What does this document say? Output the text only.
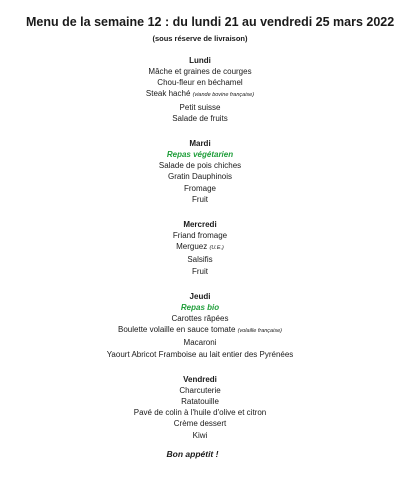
Menu de la semaine 12 : du lundi 21 au vendredi 25 mars 2022
(sous réserve de livraison)
Lundi
Mâche et graines de courges
Chou-fleur en béchamel
Steak haché (viande bovine française)
Petit suisse
Salade de fruits
Mardi
Repas végétarien
Salade de pois chiches
Gratin Dauphinois
Fromage
Fruit
Mercredi
Friand fromage
Merguez (U.E.)
Salsifis
Fruit
Jeudi
Repas bio
Carottes râpées
Boulette volaille en sauce tomate (volaille française)
Macaroni
Yaourt Abricot Framboise au lait entier des Pyrénées
Vendredi
Charcuterie
Ratatouille
Pavé de colin à l'huile d'olive et citron
Crème dessert
Kiwi
Bon appétit !
